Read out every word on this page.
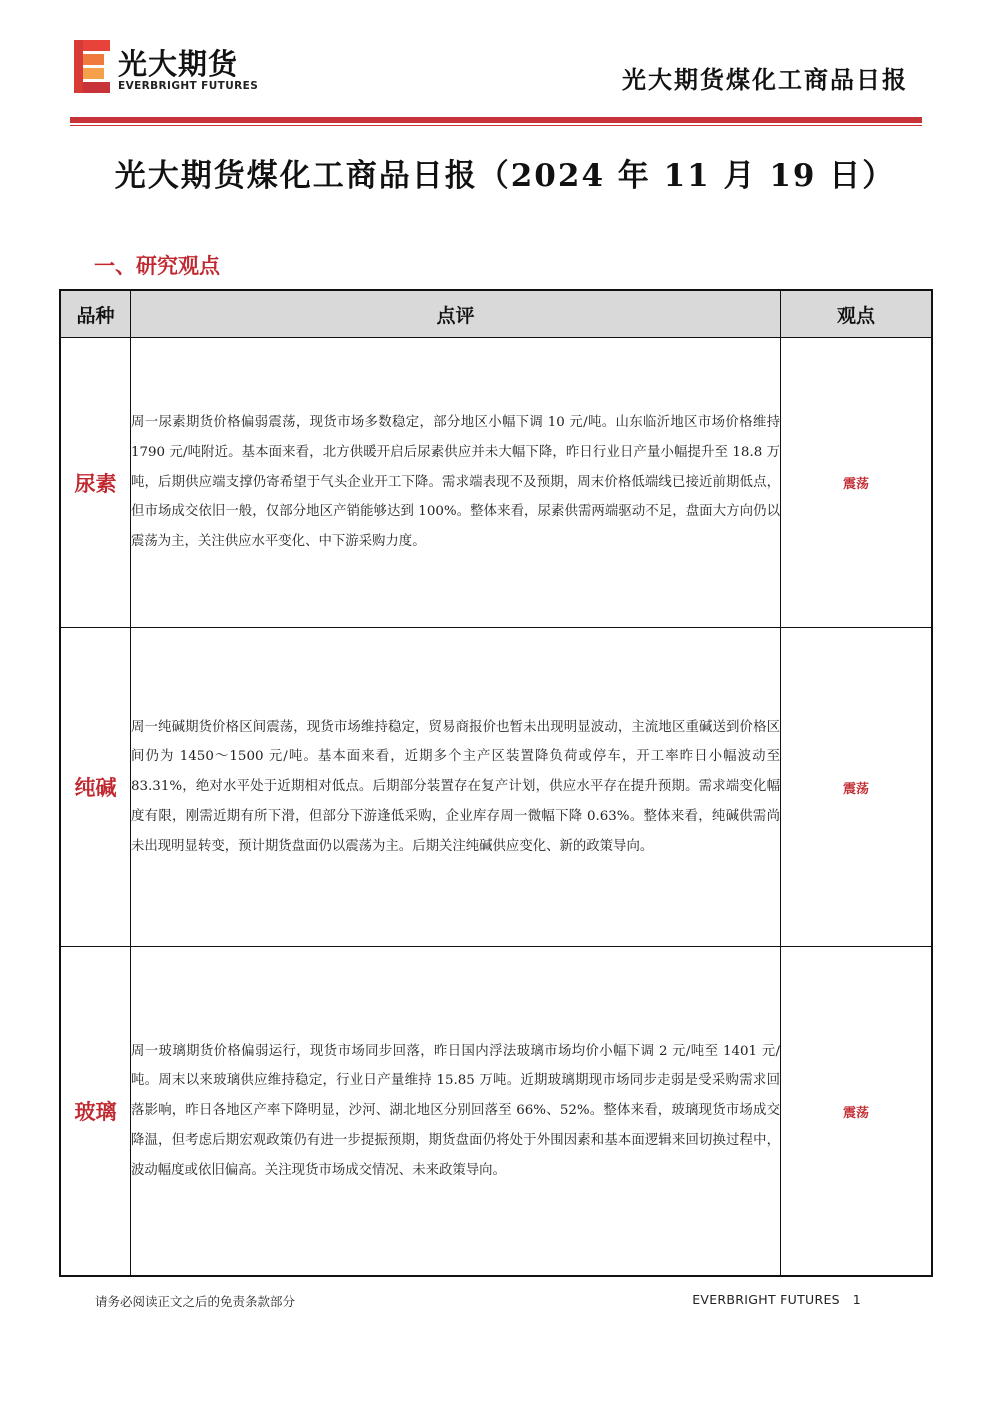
光大期货
EVERBRIGHT FUTURES	光大期货煤化工商品日报
光大期货煤化工商品日报（2024 年 11 月 19 日）
一、研究观点
品种	点评	观点
尿素	周一尿素期货价格偏弱震荡，现货市场多数稳定，部分地区小幅下调 10 元/吨。山东临沂地区市场价格维持 1790 元/吨附近。基本面来看，北方供暖开启后尿素供应并未大幅下降，昨日行业日产量小幅提升至 18.8 万吨，后期供应端支撑仍寄希望于气头企业开工下降。需求端表现不及预期，周末价格低端线已接近前期低点，但市场成交依旧一般，仅部分地区产销能够达到 100%。整体来看，尿素供需两端驱动不足，盘面大方向仍以震荡为主，关注供应水平变化、中下游采购力度。	震荡
纯碱	周一纯碱期货价格区间震荡，现货市场维持稳定，贸易商报价也暂未出现明显波动，主流地区重碱送到价格区间仍为 1450～1500 元/吨。基本面来看，近期多个主产区装置降负荷或停车，开工率昨日小幅波动至 83.31%，绝对水平处于近期相对低点。后期部分装置存在复产计划，供应水平存在提升预期。需求端变化幅度有限，刚需近期有所下滑，但部分下游逢低采购，企业库存周一微幅下降 0.63%。整体来看，纯碱供需尚未出现明显转变，预计期货盘面仍以震荡为主。后期关注纯碱供应变化、新的政策导向。	震荡
玻璃	周一玻璃期货价格偏弱运行，现货市场同步回落，昨日国内浮法玻璃市场均价小幅下调 2 元/吨至 1401 元/吨。周末以来玻璃供应维持稳定，行业日产量维持 15.85 万吨。近期玻璃期现市场同步走弱是受采购需求回落影响，昨日各地区产率下降明显，沙河、湖北地区分别回落至 66%、52%。整体来看，玻璃现货市场成交降温，但考虑后期宏观政策仍有进一步提振预期，期货盘面仍将处于外围因素和基本面逻辑来回切换过程中，波动幅度或依旧偏高。关注现货市场成交情况、未来政策导向。	震荡
请务必阅读正文之后的免责条款部分	EVERBRIGHT FUTURES 1
